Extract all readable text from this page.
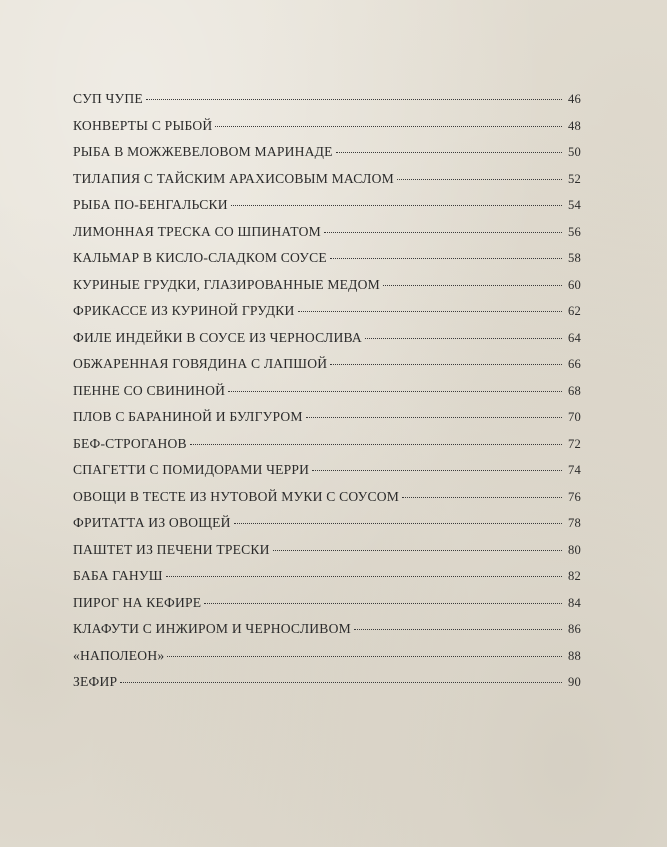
СУП ЧУПЕ	46
КОНВЕРТЫ С РЫБОЙ	48
РЫБА В МОЖЖЕВЕЛОВОМ МАРИНАДЕ	50
ТИЛАПИЯ С ТАЙСКИМ АРАХИСОВЫМ МАСЛОМ	52
РЫБА ПО-БЕНГАЛЬСКИ	54
ЛИМОННАЯ ТРЕСКА СО ШПИНАТОМ	56
КАЛЬМАР В КИСЛО-СЛАДКОМ СОУСЕ	58
КУРИНЫЕ ГРУДКИ, ГЛАЗИРОВАННЫЕ МЕДОМ	60
ФРИКАССЕ ИЗ КУРИНОЙ ГРУДКИ	62
ФИЛЕ ИНДЕЙКИ В СОУСЕ ИЗ ЧЕРНОСЛИВА	64
ОБЖАРЕННАЯ ГОВЯДИНА С ЛАПШОЙ	66
ПЕННЕ СО СВИНИНОЙ	68
ПЛОВ С БАРАНИНОЙ И БУЛГУРОМ	70
БЕФ-СТРОГАНОВ	72
СПАГЕТТИ С ПОМИДОРАМИ ЧЕРРИ	74
ОВОЩИ В ТЕСТЕ ИЗ НУТОВОЙ МУКИ С СОУСОМ	76
ФРИТАТТА ИЗ ОВОЩЕЙ	78
ПАШТЕТ ИЗ ПЕЧЕНИ ТРЕСКИ	80
БАБА ГАНУШ	82
ПИРОГ НА КЕФИРЕ	84
КЛАФУТИ С ИНЖИРОМ И ЧЕРНОСЛИВОМ	86
«НАПОЛЕОН»	88
ЗЕФИР	90
